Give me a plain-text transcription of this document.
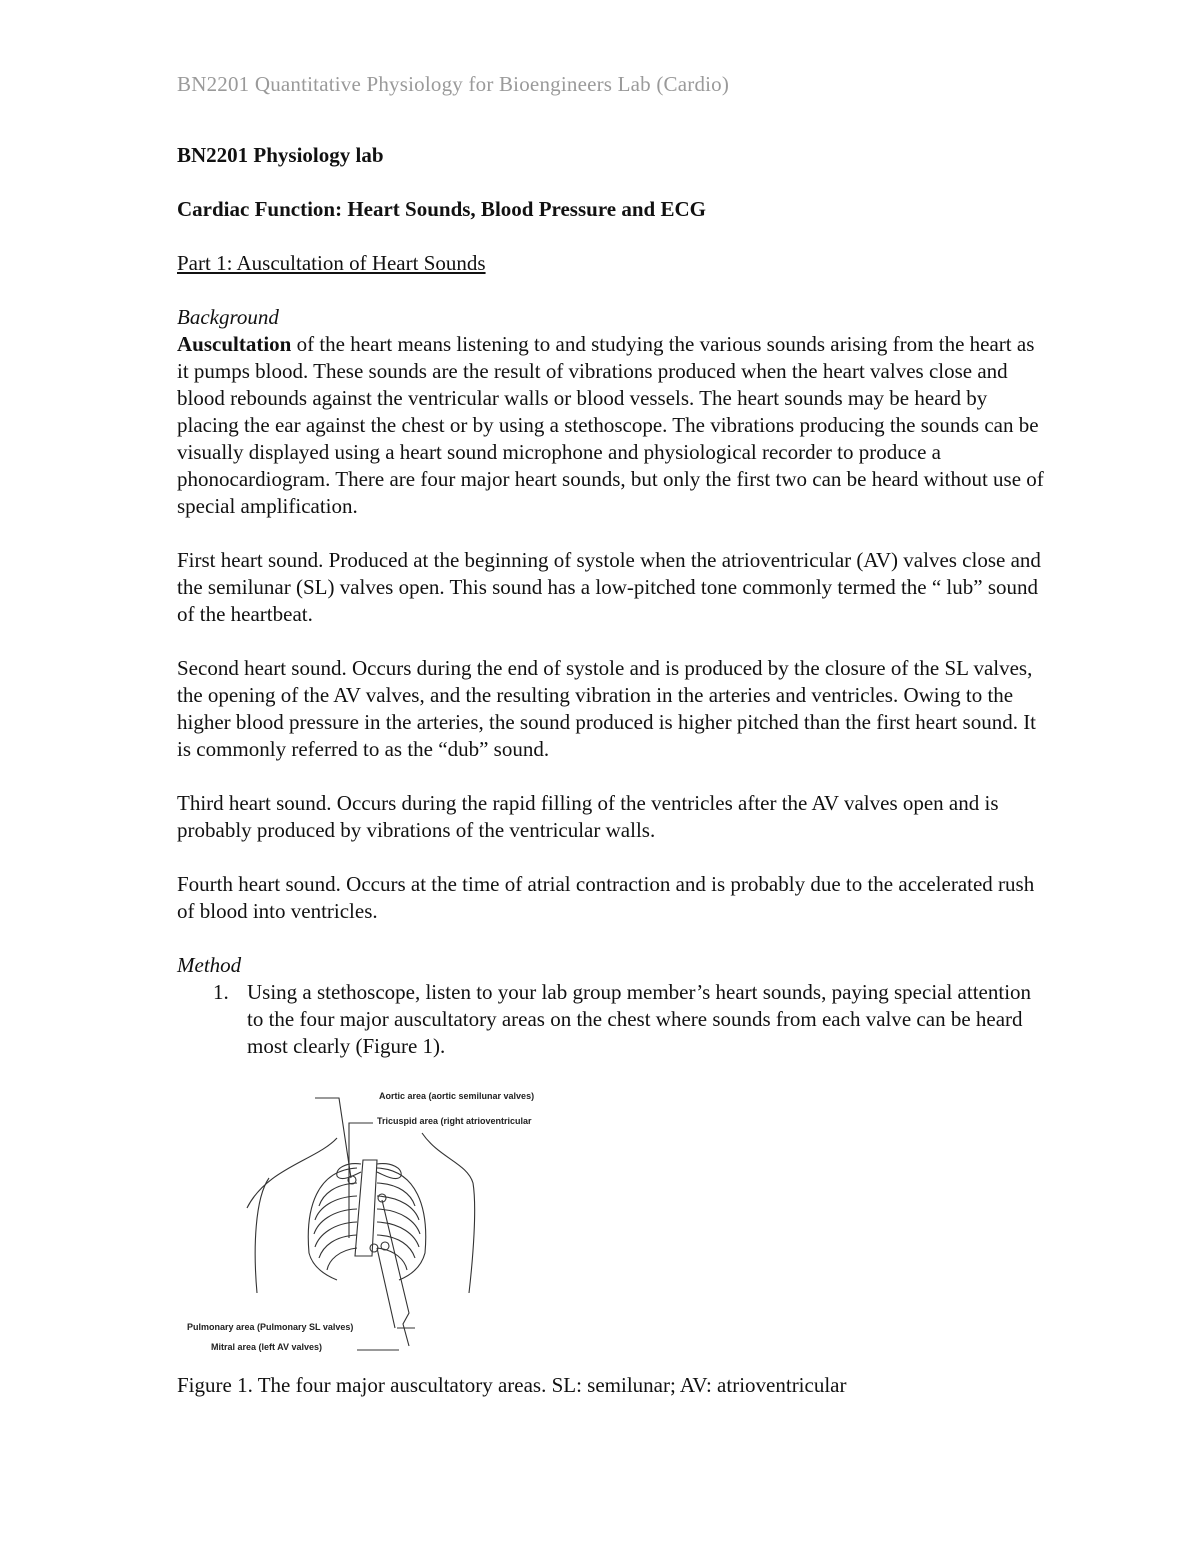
BN2201 Quantitative Physiology for Bioengineers Lab (Cardio)

BN2201 Physiology lab

Cardiac Function: Heart Sounds, Blood Pressure and ECG

Part 1: Auscultation of Heart Sounds

Background

Auscultation of the heart means listening to and studying the various sounds arising from the heart as it pumps blood. These sounds are the result of vibrations produced when the heart valves close and blood rebounds against the ventricular walls or blood vessels. The heart sounds may be heard by placing the ear against the chest or by using a stethoscope. The vibrations producing the sounds can be visually displayed using a heart sound microphone and physiological recorder to produce a phonocardiogram. There are four major heart sounds, but only the first two can be heard without use of special amplification.

First heart sound. Produced at the beginning of systole when the atrioventricular (AV) valves close and the semilunar (SL) valves open. This sound has a low-pitched tone commonly termed the “ lub” sound of the heartbeat.

Second heart sound. Occurs during the end of systole and is produced by the closure of the SL valves, the opening of the AV valves, and the resulting vibration in the arteries and ventricles. Owing to the higher blood pressure in the arteries, the sound produced is higher pitched than the first heart sound. It is commonly referred to as the “dub” sound.

Third heart sound. Occurs during the rapid filling of the ventricles after the AV valves open and is probably produced by vibrations of the ventricular walls.

Fourth heart sound. Occurs at the time of atrial contraction and is probably due to the accelerated rush of blood into ventricles.

Method

1. Using a stethoscope, listen to your lab group member’s heart sounds, paying special attention to the four major auscultatory areas on the chest where sounds from each valve can be heard most clearly (Figure 1).
Aortic area (aortic semilunar valves)
Tricuspid area (right atrioventricular
Pulmonary area (Pulmonary SL valves)
Mitral area (left AV valves)
Figure 1. The four major auscultatory areas. SL: semilunar; AV: atrioventricular
